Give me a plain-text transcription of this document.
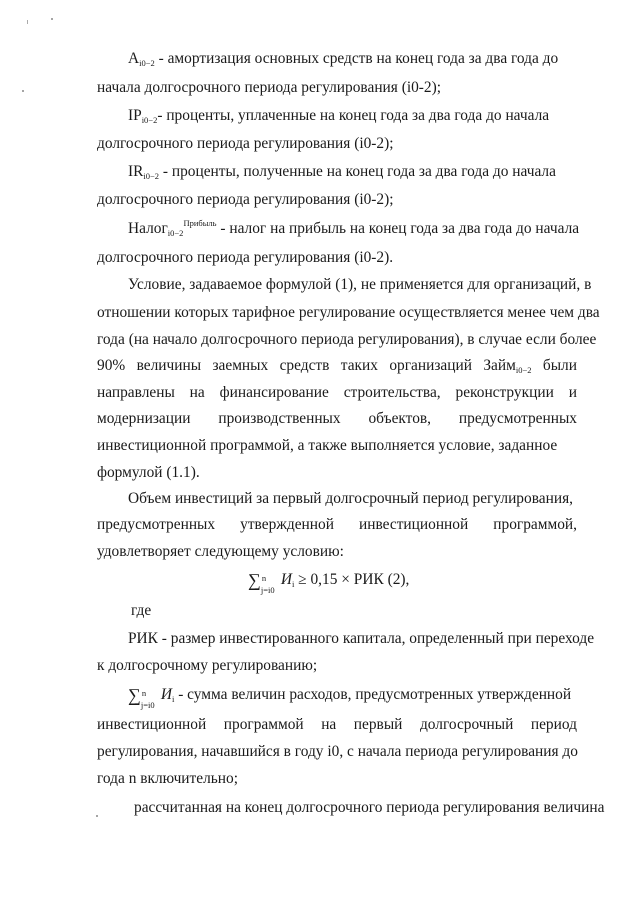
$А_{i0-2}$ - амортизация основных средств на конец года за два года до
начала долгосрочного периода регулирования (i0-2);
$IP_{i0-2}-$ проценты, уплаченные на конец года за два года до начала
долгосрочного периода регулирования (i0-2);
$IR_{i0-2}$ - проценты, полученные на конец года за два года до начала
долгосрочного периода регулирования (i0-2);
Налог$_{i0-2}^{Прибыль}$ - налог на прибыль на конец года за два года до начала
долгосрочного периода регулирования (i0-2).
Условие, задаваемое формулой (1), не применяется для организаций, в
отношении которых тарифное регулирование осуществляется менее чем два
года (на начало долгосрочного периода регулирования), в случае если более
90% величины заемных средств таких организаций Займ$_{i0-2}$ были
направлены на финансирование строительства, реконструкции и
модернизации производственных объектов, предусмотренных
инвестиционной программой, а также выполняется условие, заданное
формулой (1.1).
Объем инвестиций за первый долгосрочный период регулирования,
предусмотренных утвержденной инвестиционной программой,
удовлетворяет следующему условию:
∑ n
j=i0
$И_i \ge 0,15$ × РИК (2),
где
РИК - размер инвестированного капитала, определенный при переходе
к долгосрочному регулированию;
∑ n
j=i0
$И_i$ - сумма величин расходов, предусмотренных утвержденной
инвестиционной программой на первый долгосрочный период
регулирования, начавшийся в году i0, с начала периода регулирования до
года n включительно;
рассчитанная на конец долгосрочного периода регулирования величина
